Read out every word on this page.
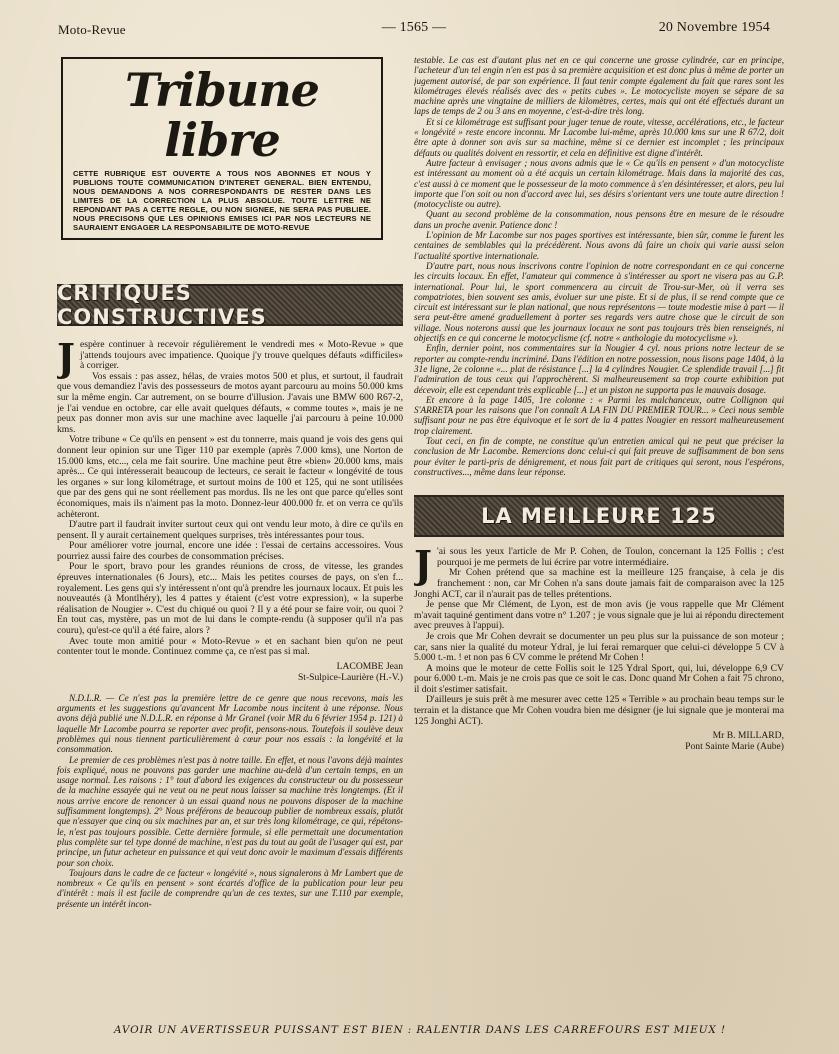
Moto-Revue	— 1565 —	20 Novembre 1954
Tribune libre
CETTE RUBRIQUE EST OUVERTE A TOUS NOS ABONNES ET NOUS Y PUBLIONS TOUTE COMMUNICATION D'INTERET GENERAL. BIEN ENTENDU, NOUS DEMANDONS A NOS CORRESPONDANTS DE RESTER DANS LES LIMITES DE LA CORRECTION LA PLUS ABSOLUE. TOUTE LETTRE NE REPONDANT PAS A CETTE REGLE, OU NON SIGNEE, NE SERA PAS PUBLIEE. NOUS PRECISONS QUE LES OPINIONS EMISES ICI PAR NOS LECTEURS NE SAURAIENT ENGAGER LA RESPONSABILITE DE MOTO-REVUE
CRITIQUES CONSTRUCTIVES

Jespère continuer à recevoir régulièrement le vendredi mes « Moto-Revue » que j'attends toujours avec impatience. Quoique j'y trouve quelques défauts «difficiles» à corriger.

Vos essais : pas assez, hélas, de vraies motos 500 et plus, et surtout, il faudrait que vous demandiez l'avis des possesseurs de motos ayant parcouru au moins 50.000 kms sur la même engin. Car autrement, on se bourre d'illusion. J'avais une BMW 600 R67-2, je l'ai vendue en octobre, car elle avait quelques défauts, « comme toutes », mais je ne peux pas donner mon avis sur une machine avec laquelle j'ai parcouru à peine 10.000 kms.

Votre tribune « Ce qu'ils en pensent » est du tonnerre, mais quand je vois des gens qui donnent leur opinion sur une Tiger 110 par exemple (après 7.000 kms), une Norton de 15.000 kms, etc..., cela me fait sourire. Une machine peut être «bien» 20.000 kms, mais après... Ce qui intéresserait beaucoup de lecteurs, ce serait le facteur « longévité de tous les organes » sur long kilométrage, et surtout moins de 100 et 125, qui ne sont utilisées que par des gens qui ne sont réellement pas mordus. Ils ne les ont que parce qu'elles sont économiques, mais ils n'aiment pas la moto. Donnez-leur 400.000 fr. et on verra ce qu'ils achèteront.

D'autre part il faudrait inviter surtout ceux qui ont vendu leur moto, à dire ce qu'ils en pensent. Il y aurait certainement quelques surprises, très intéressantes pour tous.

Pour améliorer votre journal, encore une idée : l'essai de certains accessoires. Vous pourriez aussi faire des courbes de consommation précises.

Pour le sport, bravo pour les grandes réunions de cross, de vitesse, les grandes épreuves internationales (6 Jours), etc... Mais les petites courses de pays, on s'en f... royalement. Les gens qui s'y intéressent n'ont qu'à prendre les journaux locaux. Et puis les nouveautés (à Montlhéry), les 4 pattes y étaient (c'est votre expression), « la superbe réalisation de Nougier ». C'est du chiqué ou quoi ? Il y a été pour se faire voir, ou quoi ? En tout cas, mystère, pas un mot de lui dans le compte-rendu (à supposer qu'il n'a pas couru), qu'est-ce qu'il a été faire, alors ?

Avec toute mon amitié pour « Moto-Revue » et en sachant bien qu'on ne peut contenter tout le monde. Continuez comme ça, ce n'est pas si mal.

LACOMBE Jean
St-Sulpice-Laurière (H.-V.)

N.D.L.R. — Ce n'est pas la première lettre de ce genre que nous recevons, mais les arguments et les suggestions qu'avancent Mr Lacombe nous incitent à une réponse. Nous avons déjà publié une N.D.L.R. en réponse à Mr Granel (voir MR du 6 février 1954 p. 121) à laquelle Mr Lacombe pourra se reporter avec profit, pensons-nous. Toutefois il soulève deux problèmes qui nous tiennent particulièrement à cœur pour nos essais : la longévité et la consommation.

Le premier de ces problèmes n'est pas à notre taille. En effet, et nous l'avons déjà maintes fois expliqué, nous ne pouvons pas garder une machine au-delà d'un certain temps, en un usage normal. Les raisons : 1° tout d'abord les exigences du constructeur ou du possesseur de la machine essayée qui ne veut ou ne peut nous laisser sa machine très longtemps. (Et il nous arrive encore de renoncer à un essai quand nous ne pouvons disposer de la machine suffisamment longtemps). 2° Nous préférons de beaucoup publier de nombreux essais, plutôt que n'essayer que cinq ou six machines par an, et sur très long kilométrage, ce qui, répétons-le, n'est pas toujours possible. Cette dernière formule, si elle permettait une documentation plus complète sur tel type donné de machine, n'est pas du tout au goût de l'usager qui est, par principe, un futur acheteur en puissance et qui veut donc avoir le maximum d'essais différents pour son choix.

Toujours dans le cadre de ce facteur « longévité », nous signalerons à Mr Lambert que de nombreux « Ce qu'ils en pensent » sont écartés d'office de la publication pour leur peu d'intérêt : mais il est facile de comprendre qu'un de ces textes, sur une T.110 par exemple, présente un intérêt incon-

testable. Le cas est d'autant plus net en ce qui concerne une grosse cylindrée, car en principe, l'acheteur d'un tel engin n'en est pas à sa première acquisition et est donc plus à même de porter un jugement autorisé, de par son expérience. Il faut tenir compte également du fait que rares sont les kilométrages élevés réalisés avec des « petits cubes ». Le motocycliste moyen se sépare de sa machine après une vingtaine de milliers de kilomètres, certes, mais qui ont été effectués durant un laps de temps de 2 ou 3 ans en moyenne, c'est-à-dire très long.

Et si ce kilométrage est suffisant pour juger tenue de route, vitesse, accélérations, etc., le facteur « longévité » reste encore inconnu. Mr Lacombe lui-même, après 10.000 kms sur une R 67/2, doit être apte à donner son avis sur sa machine, même si ce dernier est incomplet ; les principaux défauts ou qualités doivent en ressortir, et cela en définitive est digne d'intérêt.

Autre facteur à envisager ; nous avons admis que le « Ce qu'ils en pensent » d'un motocycliste est intéressant au moment où a été acquis un certain kilométrage. Mais dans la majorité des cas, c'est aussi à ce moment que le possesseur de la moto commence à s'en désintéresser, et alors, peu lui importe que l'on soit ou non d'accord avec lui, ses désirs s'orientant vers une toute autre direction ! (motocycliste ou autre).

Quant au second problème de la consommation, nous pensons être en mesure de le résoudre dans un proche avenir. Patience donc !

L'opinion de Mr Lacombe sur nos pages sportives est intéressante, bien sûr, comme le furent les centaines de semblables qui la précédèrent. Nous avons dû faire un choix qui varie aussi selon l'actualité sportive internationale.

D'autre part, nous nous inscrivons contre l'opinion de notre correspondant en ce qui concerne les circuits locaux. En effet, l'amateur qui commence à s'intéresser au sport ne visera pas au G.P. international. Pour lui, le sport commencera au circuit de Trou-sur-Mer, où il verra ses compatriotes, bien souvent ses amis, évoluer sur une piste. Et si de plus, il se rend compte que ce circuit est intéressant sur le plan national, que nous représentons — toute modestie mise à part — il sera peut-être amené graduellement à porter ses regards vers autre chose que le circuit de son village. Nous noterons aussi que les journaux locaux ne sont pas toujours très bien renseignés, ni objectifs en ce qui concerne le motocyclisme (cf. notre « anthologie du motocyclisme »).

Enfin, dernier point, nos commentaires sur la Nougier 4 cyl. nous prions notre lecteur de se reporter au compte-rendu incriminé. Dans l'édition en notre possession, nous lisons page 1404, à la 31e ligne, 2e colonne «... plat de résistance [...] la 4 cylindres Nougier. Ce splendide travail [...] fit l'admiration de tous ceux qui l'approchèrent. Si malheureusement sa trop courte exhibition put décevoir, elle est cependant très explicable [...] et un piston ne supporta pas le mauvais dosage.

Et encore à la page 1405, 1re colonne : « Parmi les malchanceux, outre Collignon qui S'ARRETA pour les raisons que l'on connaît A LA FIN DU PREMIER TOUR... » Ceci nous semble suffisant pour ne pas être équivoque et le sort de la 4 pattes Nougier en ressort malheureusement trop clairement.

Tout ceci, en fin de compte, ne constitue qu'un entretien amical qui ne peut que préciser la conclusion de Mr Lacombe. Remercions donc celui-ci qui fait preuve de suffisamment de bon sens pour éviter le parti-pris de dénigrement, et nous fait part de critiques qui seront, nous l'espérons, constructives..., même dans leur réponse.

LA MEILLEURE 125

J 'ai sous les yeux l'article de Mr P. Cohen, de Toulon, concernant la 125 Follis ; c'est pourquoi je me permets de lui écrire par votre intermédiaire.

Mr Cohen prétend que sa machine est la meilleure 125 française, à cela je dis franchement : non, car Mr Cohen n'a sans doute jamais fait de comparaison avec la 125 Jonghi ACT, car il n'aurait pas de telles prétentions.

Je pense que Mr Clément, de Lyon, est de mon avis (je vous rappelle que Mr Clément m'avait taquiné gentiment dans votre n° 1.207 ; je vous signale que je lui ai répondu directement avec preuves à l'appui).

Je crois que Mr Cohen devrait se documenter un peu plus sur la puissance de son moteur ; car, sans nier la qualité du moteur Ydral, je lui ferai remarquer que celui-ci développe 5 CV à 5.000 t.-m. ! et non pas 6 CV comme le prétend Mr Cohen !

A moins que le moteur de cette Follis soit le 125 Ydral Sport, qui, lui, développe 6,9 CV pour 6.000 t.-m. Mais je ne crois pas que ce soit le cas. Donc quand Mr Cohen a fait 75 chrono, il doit s'estimer satisfait.

D'ailleurs je suis prêt à me mesurer avec cette 125 « Terrible » au prochain beau temps sur le terrain et la distance que Mr Cohen voudra bien me désigner (je lui signale que je monterai ma 125 Jonghi ACT).

Mr B. MILLARD,
Pont Sainte Marie (Aube)
AVOIR UN AVERTISSEUR PUISSANT EST BIEN : RALENTIR DANS LES CARREFOURS EST MIEUX !
